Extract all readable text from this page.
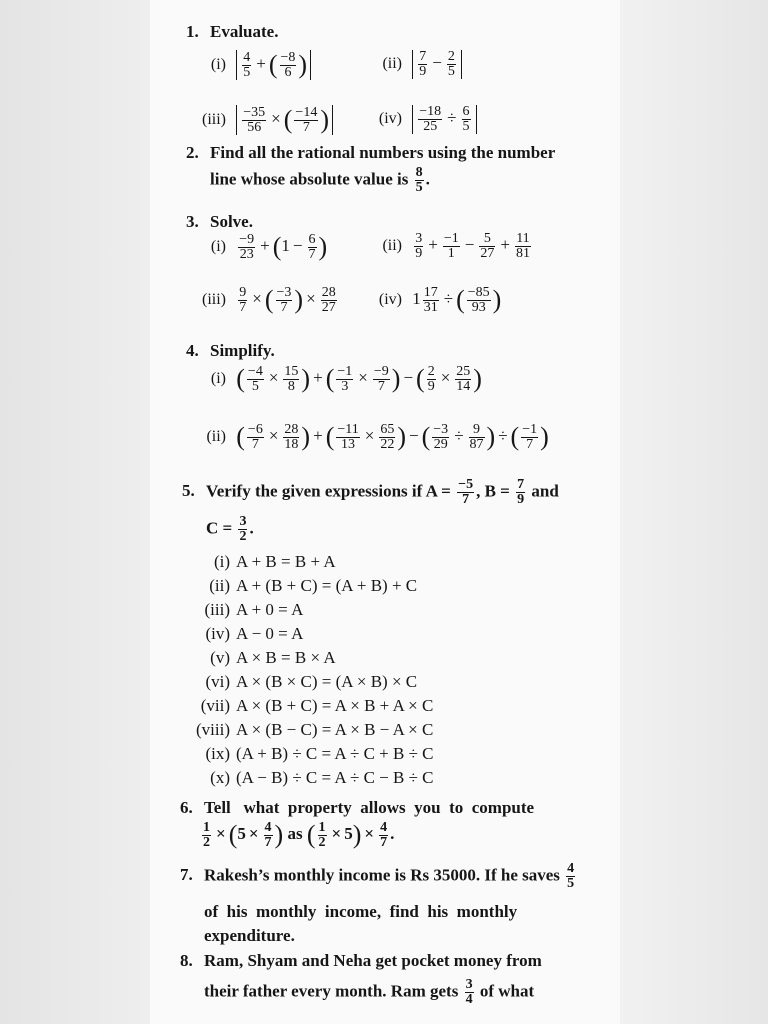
1. Evaluate.
$(i) \frac{4}{5}$ + ( $\frac{-8}{6}$ )	$(ii) \frac{7}{9} - \frac{2}{5}$
$(iii) \frac{-35}{56}$ × ( $\frac{-14}{7}$ )	$(iv) \frac{-18}{25} \div \frac{6}{5}$
2. Find all the rational numbers using the number
line whose absolute value is $\frac{8}{5}$ .
3. Solve.
$(i) \frac{-9}{23} + (1 - \frac{6}{7}$ )	$(ii) \frac{3}{9} + \frac{-1}{1} - \frac{5}{27} + \frac{11}{81}$
$(iii) \frac{9}{7}$ × ( $\frac{-3}{7}$ ) × $\frac{28}{27}$	(iv) $1 \frac{17}{31}$ ÷ ( $\frac{-85}{93}$ )
4. Simplify.
(i) ( $\frac{-4}{5} \times \frac{15}{8}$ ) + ( $\frac{-1}{3} \times \frac{-9}{7}$ ) − ( $\frac{2}{9} \times \frac{25}{14}$ )
(ii) ( $\frac{-6}{7} \times \frac{28}{18}$ ) + ( $\frac{-11}{13} \times \frac{65}{22}$ ) − ( $\frac{-3}{29} \div \frac{9}{87}$ ) ÷ ( $\frac{-1}{7}$ )
5. Verify the given expressions if $A = \frac{-5}{7}$ , $B = \frac{7}{9}$ and
$C = \frac{3}{2}$ .
(i) A + B = B + A
(ii) A + (B + C) = (A + B) + C
(iii) A + 0 = A
(iv) A − 0 = A
(v) A × B = B × A
(vi) A × (B × C) = (A × B) × C
(vii) A × (B + C) = A × B + A × C
(viii) A × (B − C) = A × B − A × C
(ix) (A + B) ÷ C = A ÷ C + B ÷ C
(x) (A − B) ÷ C = A ÷ C − B ÷ C
6. Tell   what  property  allows  you  to  compute
$\frac{1}{2} \times (5 \times \frac{4}{7}$ ) as ( $\frac{1}{2} \times 5) \times \frac{4}{7}$ .
7. Rakesh’s monthly income is Rs 35000. If he saves $\frac{4}{5}$
of  his  monthly  income,  find  his  monthly
expenditure.
8. Ram, Shyam and Neha get pocket money from
their father every month. Ram gets $\frac{3}{4}$ of what
